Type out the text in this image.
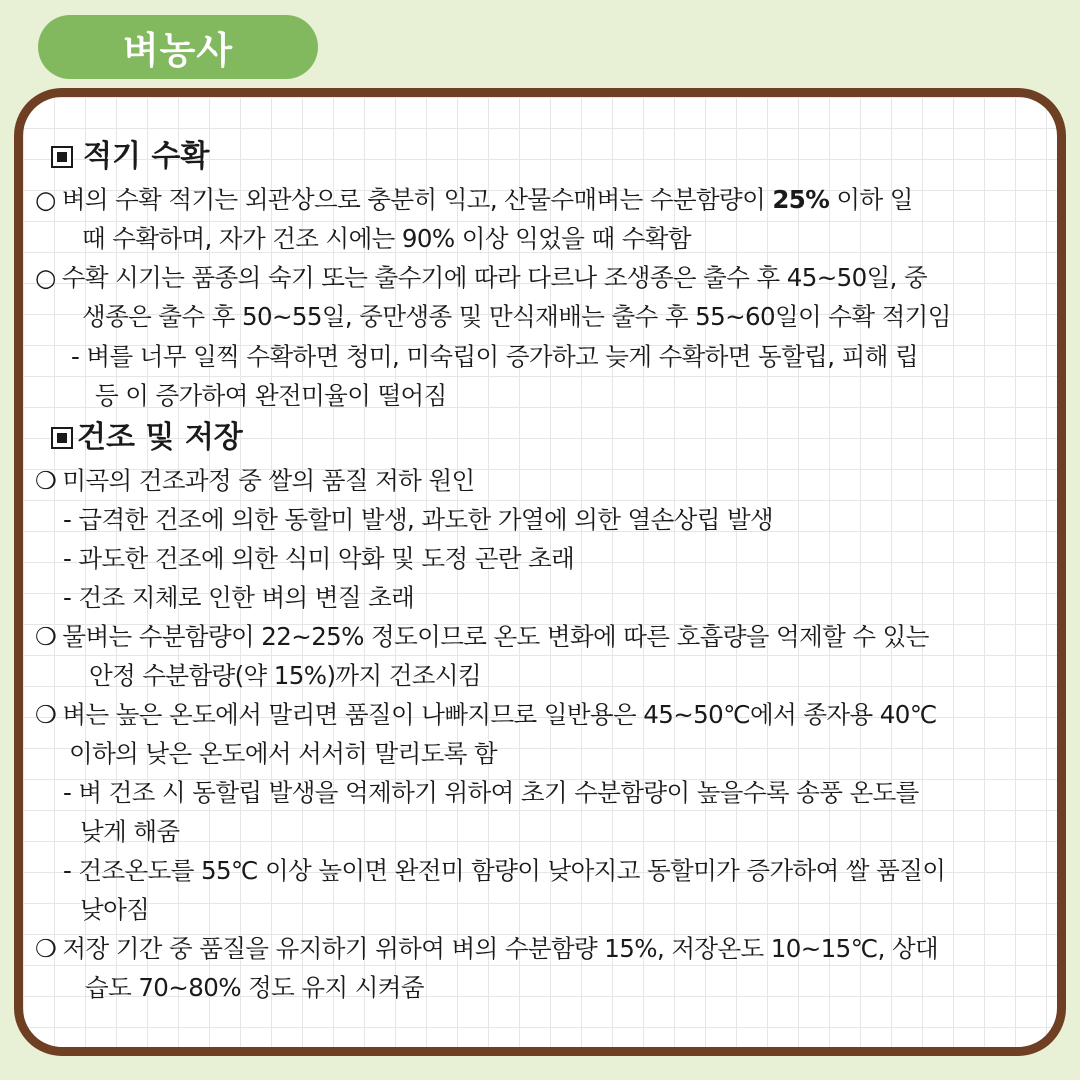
벼농사
적기 수확
○ 벼의 수확 적기는 외관상으로 충분히 익고, 산물수매벼는 수분함량이 25% 이하 일
때 수확하며, 자가 건조 시에는 90% 이상 익었을 때 수확함
○ 수확 시기는 품종의 숙기 또는 출수기에 따라 다르나 조생종은 출수 후 45~50일, 중
생종은 출수 후 50~55일, 중만생종 및 만식재배는 출수 후 55~60일이 수확 적기임
- 벼를 너무 일찍 수확하면 청미, 미숙립이 증가하고 늦게 수확하면 동할립, 피해 립
등 이 증가하여 완전미율이 떨어짐
건조 및 저장
❍ 미곡의 건조과정 중 쌀의 품질 저하 원인
- 급격한 건조에 의한 동할미 발생, 과도한 가열에 의한 열손상립 발생
- 과도한 건조에 의한 식미 악화 및 도정 곤란 초래
- 건조 지체로 인한 벼의 변질 초래
❍ 물벼는 수분함량이 22~25% 정도이므로 온도 변화에 따른 호흡량을 억제할 수 있는
안정 수분함량(약 15%)까지 건조시킴
❍ 벼는 높은 온도에서 말리면 품질이 나빠지므로 일반용은 45~50℃에서 종자용 40℃
이하의 낮은 온도에서 서서히 말리도록 함
- 벼 건조 시 동할립 발생을 억제하기 위하여 초기 수분함량이 높을수록 송풍 온도를
낮게 해줌
- 건조온도를 55℃ 이상 높이면 완전미 함량이 낮아지고 동할미가 증가하여 쌀 품질이
낮아짐
❍ 저장 기간 중 품질을 유지하기 위하여 벼의 수분함량 15%, 저장온도 10~15℃, 상대
습도 70~80% 정도 유지 시켜줌
